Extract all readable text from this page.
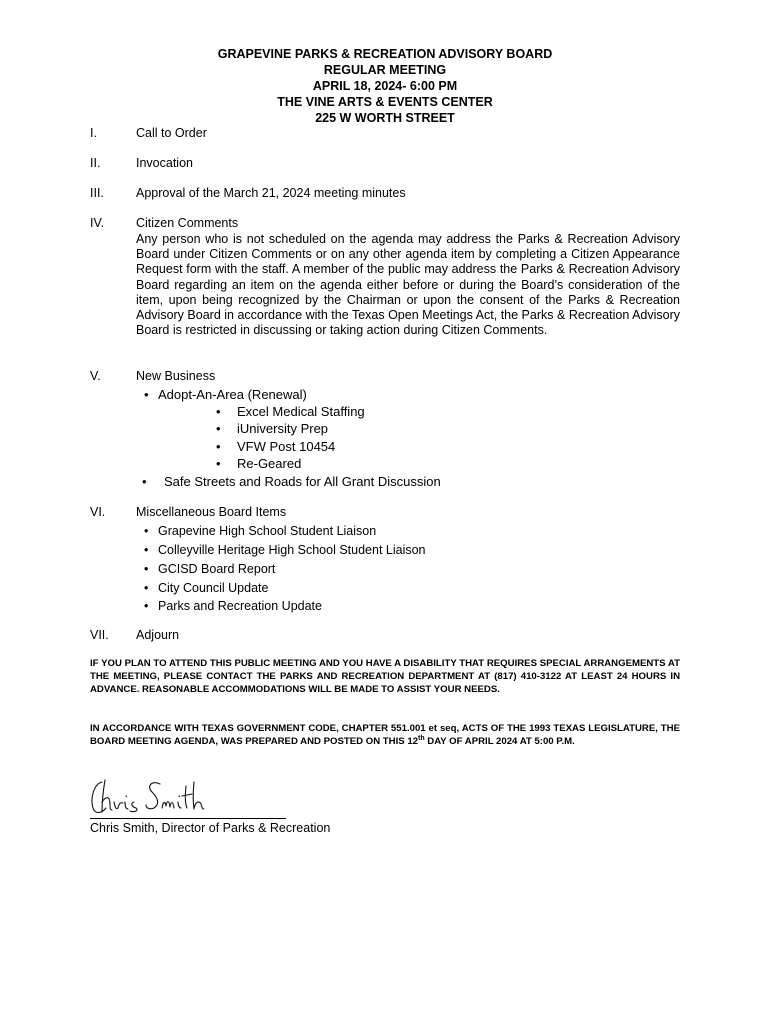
GRAPEVINE PARKS & RECREATION ADVISORY BOARD
REGULAR MEETING
APRIL 18, 2024- 6:00 PM
THE VINE ARTS & EVENTS CENTER
225 W WORTH STREET
I.	Call to Order
II.	Invocation
III.	Approval of the March 21, 2024 meeting minutes
IV.	Citizen Comments
Any person who is not scheduled on the agenda may address the Parks & Recreation Advisory Board under Citizen Comments or on any other agenda item by completing a Citizen Appearance Request form with the staff. A member of the public may address the Parks & Recreation Advisory Board regarding an item on the agenda either before or during the Board’s consideration of the item, upon being recognized by the Chairman or upon the consent of the Parks & Recreation Advisory Board in accordance with the Texas Open Meetings Act, the Parks & Recreation Advisory Board is restricted in discussing or taking action during Citizen Comments.
V.	New Business
• Adopt-An-Area (Renewal)
• Excel Medical Staffing
• iUniversity Prep
• VFW Post 10454
• Re-Geared
• Safe Streets and Roads for All Grant Discussion
VI.	Miscellaneous Board Items
• Grapevine High School Student Liaison
• Colleyville Heritage High School Student Liaison
• GCISD Board Report
• City Council Update
• Parks and Recreation Update
VII.	Adjourn
IF YOU PLAN TO ATTEND THIS PUBLIC MEETING AND YOU HAVE A DISABILITY THAT REQUIRES SPECIAL ARRANGEMENTS AT THE MEETING, PLEASE CONTACT THE PARKS AND RECREATION DEPARTMENT AT (817) 410-3122 AT LEAST 24 HOURS IN ADVANCE. REASONABLE ACCOMMODATIONS WILL BE MADE TO ASSIST YOUR NEEDS.
IN ACCORDANCE WITH TEXAS GOVERNMENT CODE, CHAPTER 551.001 et seq, ACTS OF THE 1993 TEXAS LEGISLATURE, THE BOARD MEETING AGENDA, WAS PREPARED AND POSTED ON THIS 12th DAY OF APRIL 2024 AT 5:00 P.M.
Chris Smith, Director of Parks & Recreation
